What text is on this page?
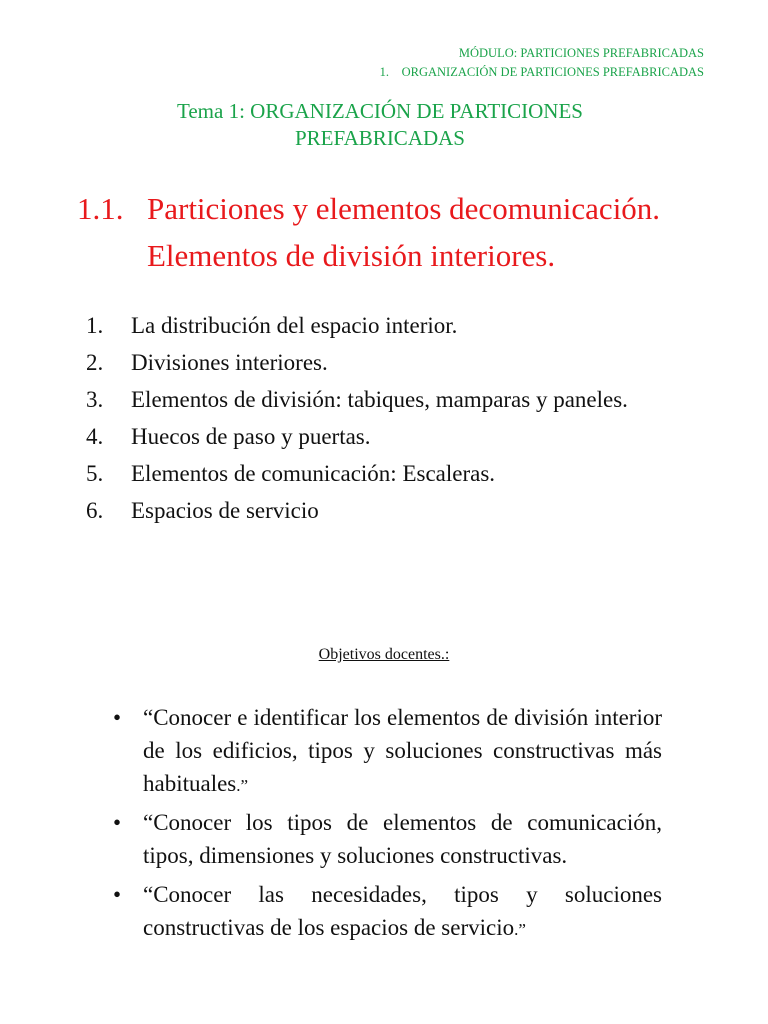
MÓDULO: PARTICIONES PREFABRICADAS
1. ORGANIZACIÓN DE PARTICIONES PREFABRICADAS
Tema 1: ORGANIZACIÓN DE PARTICIONES PREFABRICADAS
1.1. Particiones y elementos decomunicación.
Elementos de división interiores.
1. La distribución del espacio interior.
2. Divisiones interiores.
3. Elementos de división: tabiques, mamparas y paneles.
4. Huecos de paso y puertas.
5. Elementos de comunicación: Escaleras.
6. Espacios de servicio
Objetivos docentes.:
• “Conocer e identificar los elementos de división interior de los edificios, tipos y soluciones constructivas más habituales.”
• “Conocer los tipos de elementos de comunicación, tipos, dimensiones y soluciones constructivas.
• “Conocer las necesidades, tipos y soluciones constructivas de los espacios de servicio.”
